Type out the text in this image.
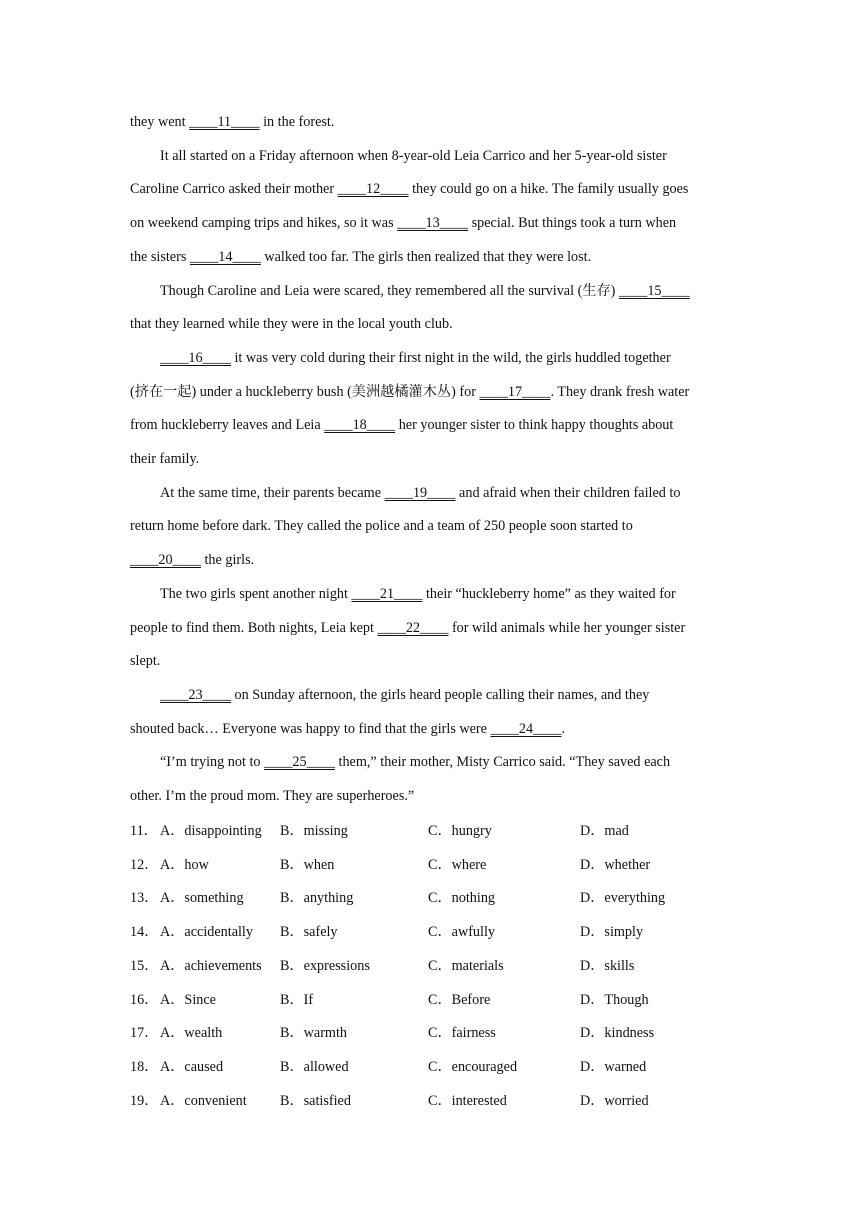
they went ____11____ in the forest.
It all started on a Friday afternoon when 8-year-old Leia Carrico and her 5-year-old sister
Caroline Carrico asked their mother ____12____ they could go on a hike. The family usually goes
on weekend camping trips and hikes, so it was ____13____ special. But things took a turn when
the sisters ____14____ walked too far. The girls then realized that they were lost.
Though Caroline and Leia were scared, they remembered all the survival (生存) ____15____
that they learned while they were in the local youth club.
____16____ it was very cold during their first night in the wild, the girls huddled together
(挤在一起) under a huckleberry bush (美洲越橘灌木丛) for ____17____. They drank fresh water
from huckleberry leaves and Leia ____18____ her younger sister to think happy thoughts about
their family.
At the same time, their parents became ____19____ and afraid when their children failed to
return home before dark. They called the police and a team of 250 people soon started to
____20____ the girls.
The two girls spent another night ____21____ their “huckleberry home” as they waited for
people to find them. Both nights, Leia kept ____22____ for wild animals while her younger sister
slept.
____23____ on Sunday afternoon, the girls heard people calling their names, and they
shouted back… Everyone was happy to find that the girls were ____24____.
“I’m trying not to ____25____ them,” their mother, Misty Carrico said. “They saved each
other. I’m the proud mom. They are superheroes.”
11． A．disappointing B．missing	C．hungry	D．mad
12． A．how	B．when	C．where	D．whether
13． A．something	B．anything	C．nothing	D．everything
14． A．accidentally B．safely	C．awfully	D．simply
15． A．achievements B．expressions	C．materials	D．skills
16． A．Since	B．If	C．Before	D．Though
17． A．wealth	B．warmth	C．fairness	D．kindness
18． A．caused	B．allowed	C．encouraged	D．warned
19． A．convenient B．satisfied	C．interested	D．worried
